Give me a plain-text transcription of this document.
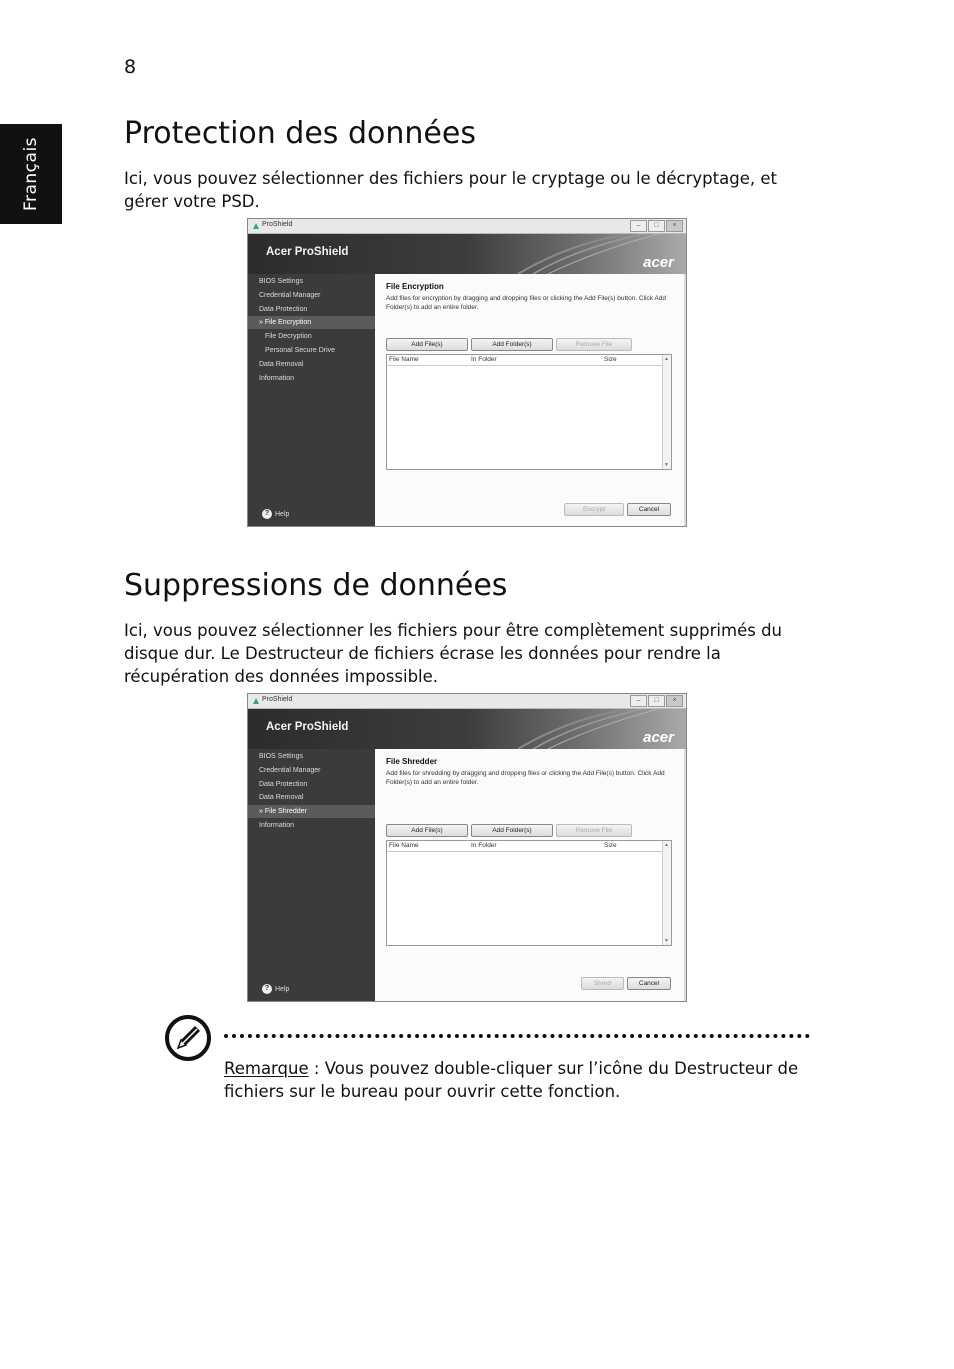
8
Français
Protection des données

Ici, vous pouvez sélectionner des fichiers pour le cryptage ou le décryptage, et gérer votre PSD.

ProShield	–	□	×
Acer ProShield
acer
BIOS Settings
Credential Manager
Data Protection
» File Encryption
File Decryption
Personal Secure Drive
Data Removal
Information
? Help
File Encryption
Add files for encryption by dragging and dropping files or clicking the Add File(s) button. Click Add Folder(s) to add an entire folder.
Add File(s)	Add Folder(s)	Remove File
File Name	In Folder	Size	▲
▼
Encrypt	Cancel
Suppressions de données

Ici, vous pouvez sélectionner les fichiers pour être complètement supprimés du disque dur. Le Destructeur de fichiers écrase les données pour rendre la récupération des données impossible.

ProShield	–	□	×
Acer ProShield
acer
BIOS Settings
Credential Manager
Data Protection
Data Removal
» File Shredder
Information
? Help
File Shredder
Add files for shredding by dragging and dropping files or clicking the Add File(s) button. Click Add Folder(s) to add an entire folder.
Add File(s)	Add Folder(s)	Remove File
File Name	In Folder	Size	▲
▼
Shred	Cancel

Remarque : Vous pouvez double-cliquer sur l’icône du Destructeur de fichiers sur le bureau pour ouvrir cette fonction.
